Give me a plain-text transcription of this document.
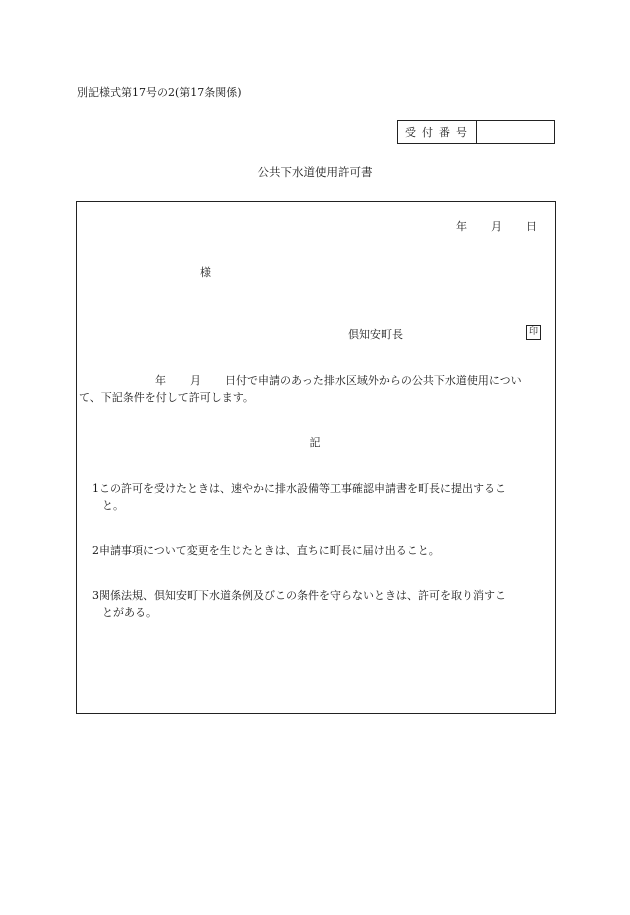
別記様式第17号の2(第17条関係)
受付番号
公共下水道使用許可書
年 月 日
様
倶知安町長	印
年 月 日付で申請のあった排水区域外からの公共下水道使用につい
て、下記条件を付して許可します。
記
1この許可を受けたときは、速やかに排水設備等工事確認申請書を町長に提出するこ
と。
2申請事項について変更を生じたときは、直ちに町長に届け出ること。
3関係法規、倶知安町下水道条例及びこの条件を守らないときは、許可を取り消すこ
とがある。
